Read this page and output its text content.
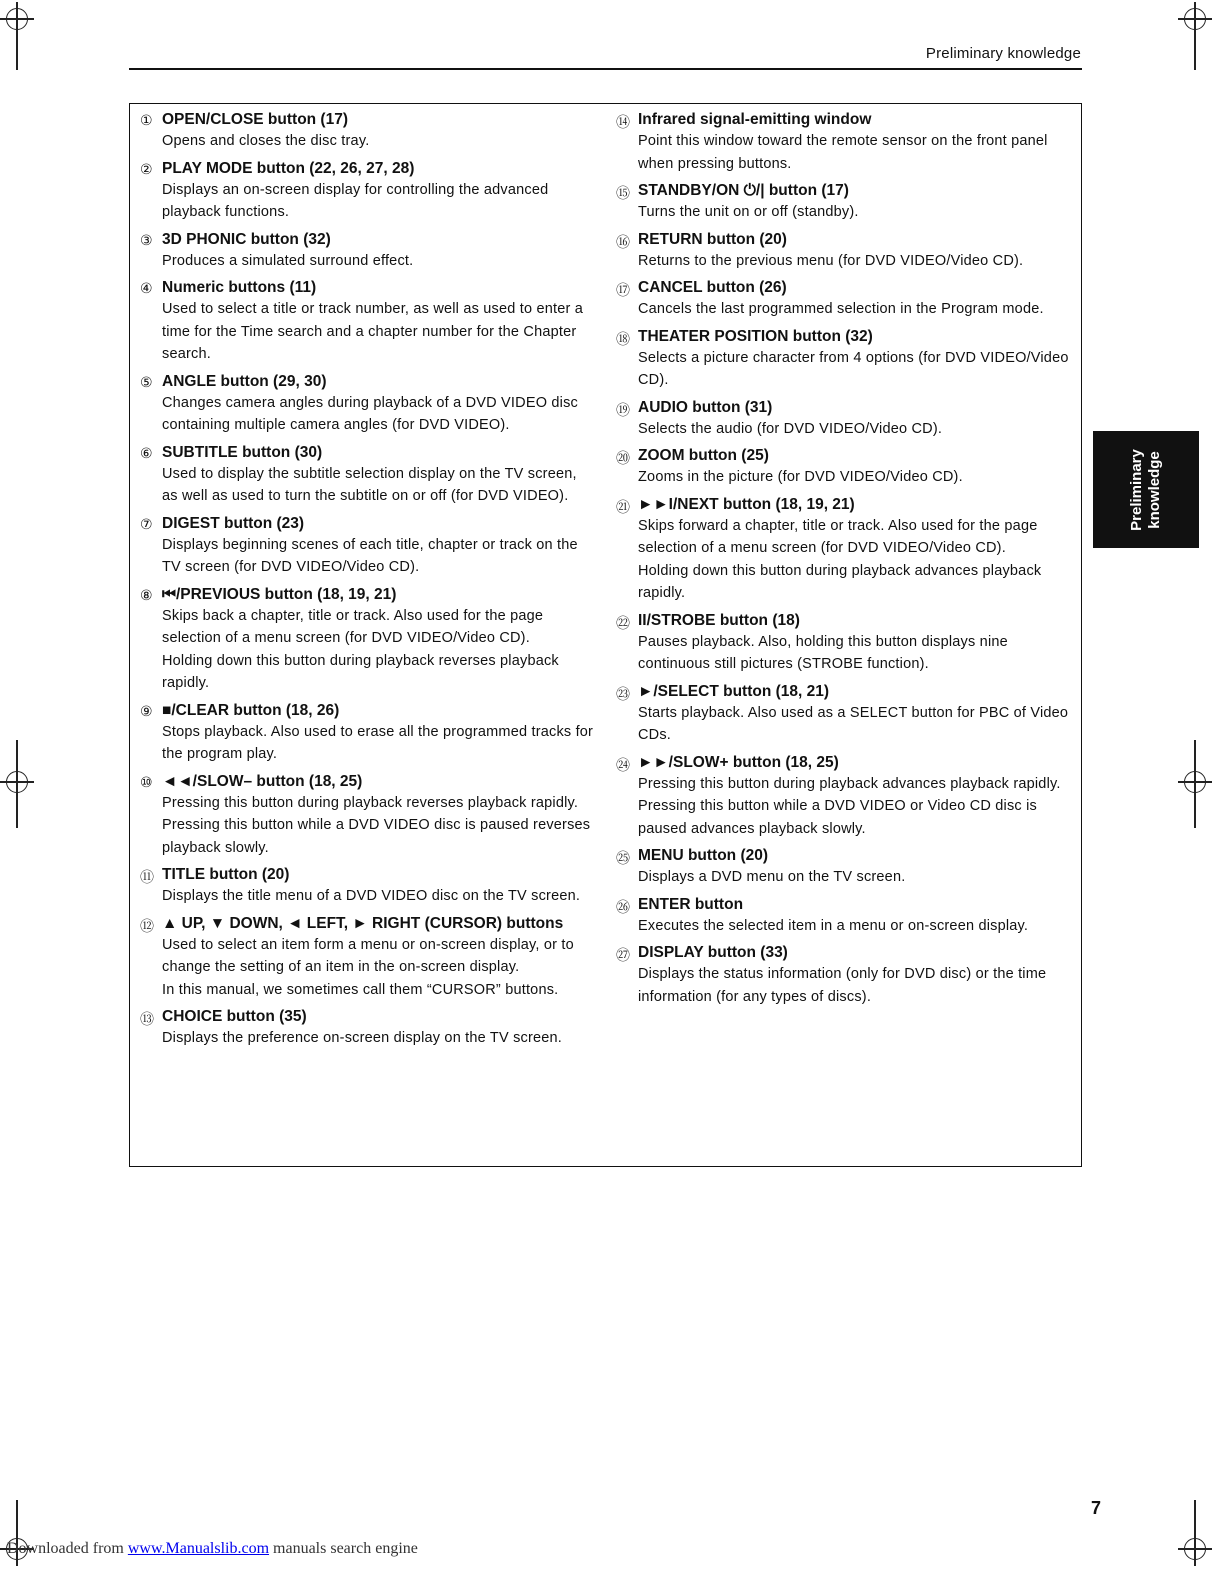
Preliminary knowledge
① OPEN/CLOSE button (17)
Opens and closes the disc tray.
② PLAY MODE button (22, 26, 27, 28)
Displays an on-screen display for controlling the advanced playback functions.
③ 3D PHONIC button (32)
Produces a simulated surround effect.
④ Numeric buttons (11)
Used to select a title or track number, as well as used to enter a time for the Time search and a chapter number for the Chapter search.
⑤ ANGLE button (29, 30)
Changes camera angles during playback of a DVD VIDEO disc containing multiple camera angles (for DVD VIDEO).
⑥ SUBTITLE button (30)
Used to display the subtitle selection display on the TV screen, as well as used to turn the subtitle on or off (for DVD VIDEO).
⑦ DIGEST button (23)
Displays beginning scenes of each title, chapter or track on the TV screen (for DVD VIDEO/Video CD).
⑧ ⏮/PREVIOUS button (18, 19, 21)
Skips back a chapter, title or track. Also used for the page selection of a menu screen (for DVD VIDEO/Video CD).
Holding down this button during playback reverses playback rapidly.
⑨ ■/CLEAR button (18, 26)
Stops playback. Also used to erase all the programmed tracks for the program play.
⑩ ◄◄/SLOW– button (18, 25)
Pressing this button during playback reverses playback rapidly.
Pressing this button while a DVD VIDEO disc is paused reverses playback slowly.
⑪ TITLE button (20)
Displays the title menu of a DVD VIDEO disc on the TV screen.
⑫ ▲ UP, ▼ DOWN, ◄ LEFT, ► RIGHT (CURSOR) buttons
Used to select an item form a menu or on-screen display, or to change the setting of an item in the on-screen display.
In this manual, we sometimes call them “CURSOR” buttons.
⑬ CHOICE button (35)
Displays the preference on-screen display on the TV screen.
⑭ Infrared signal-emitting window
Point this window toward the remote sensor on the front panel when pressing buttons.
⑮ STANDBY/ON ⏻/| button (17)
Turns the unit on or off (standby).
⑯ RETURN button (20)
Returns to the previous menu (for DVD VIDEO/Video CD).
⑰ CANCEL button (26)
Cancels the last programmed selection in the Program mode.
⑱ THEATER POSITION button (32)
Selects a picture character from 4 options (for DVD VIDEO/Video CD).
⑲ AUDIO button (31)
Selects the audio (for DVD VIDEO/Video CD).
⑳ ZOOM button (25)
Zooms in the picture (for DVD VIDEO/Video CD).
㉑ ►►I/NEXT button (18, 19, 21)
Skips forward a chapter, title or track. Also used for the page selection of a menu screen (for DVD VIDEO/Video CD).
Holding down this button during playback advances playback rapidly.
㉒ II/STROBE button (18)
Pauses playback. Also, holding this button displays nine continuous still pictures (STROBE function).
㉓ ►/SELECT button (18, 21)
Starts playback. Also used as a SELECT button for PBC of Video CDs.
㉔ ►►/SLOW+ button (18, 25)
Pressing this button during playback advances playback rapidly.
Pressing this button while a DVD VIDEO or Video CD disc is paused advances playback slowly.
㉕ MENU button (20)
Displays a DVD menu on the TV screen.
㉖ ENTER button
Executes the selected item in a menu or on-screen display.
㉗ DISPLAY button (33)
Displays the status information (only for DVD disc) or the time information (for any types of discs).
Preliminary knowledge
7
Downloaded from www.Manualslib.com manuals search engine
